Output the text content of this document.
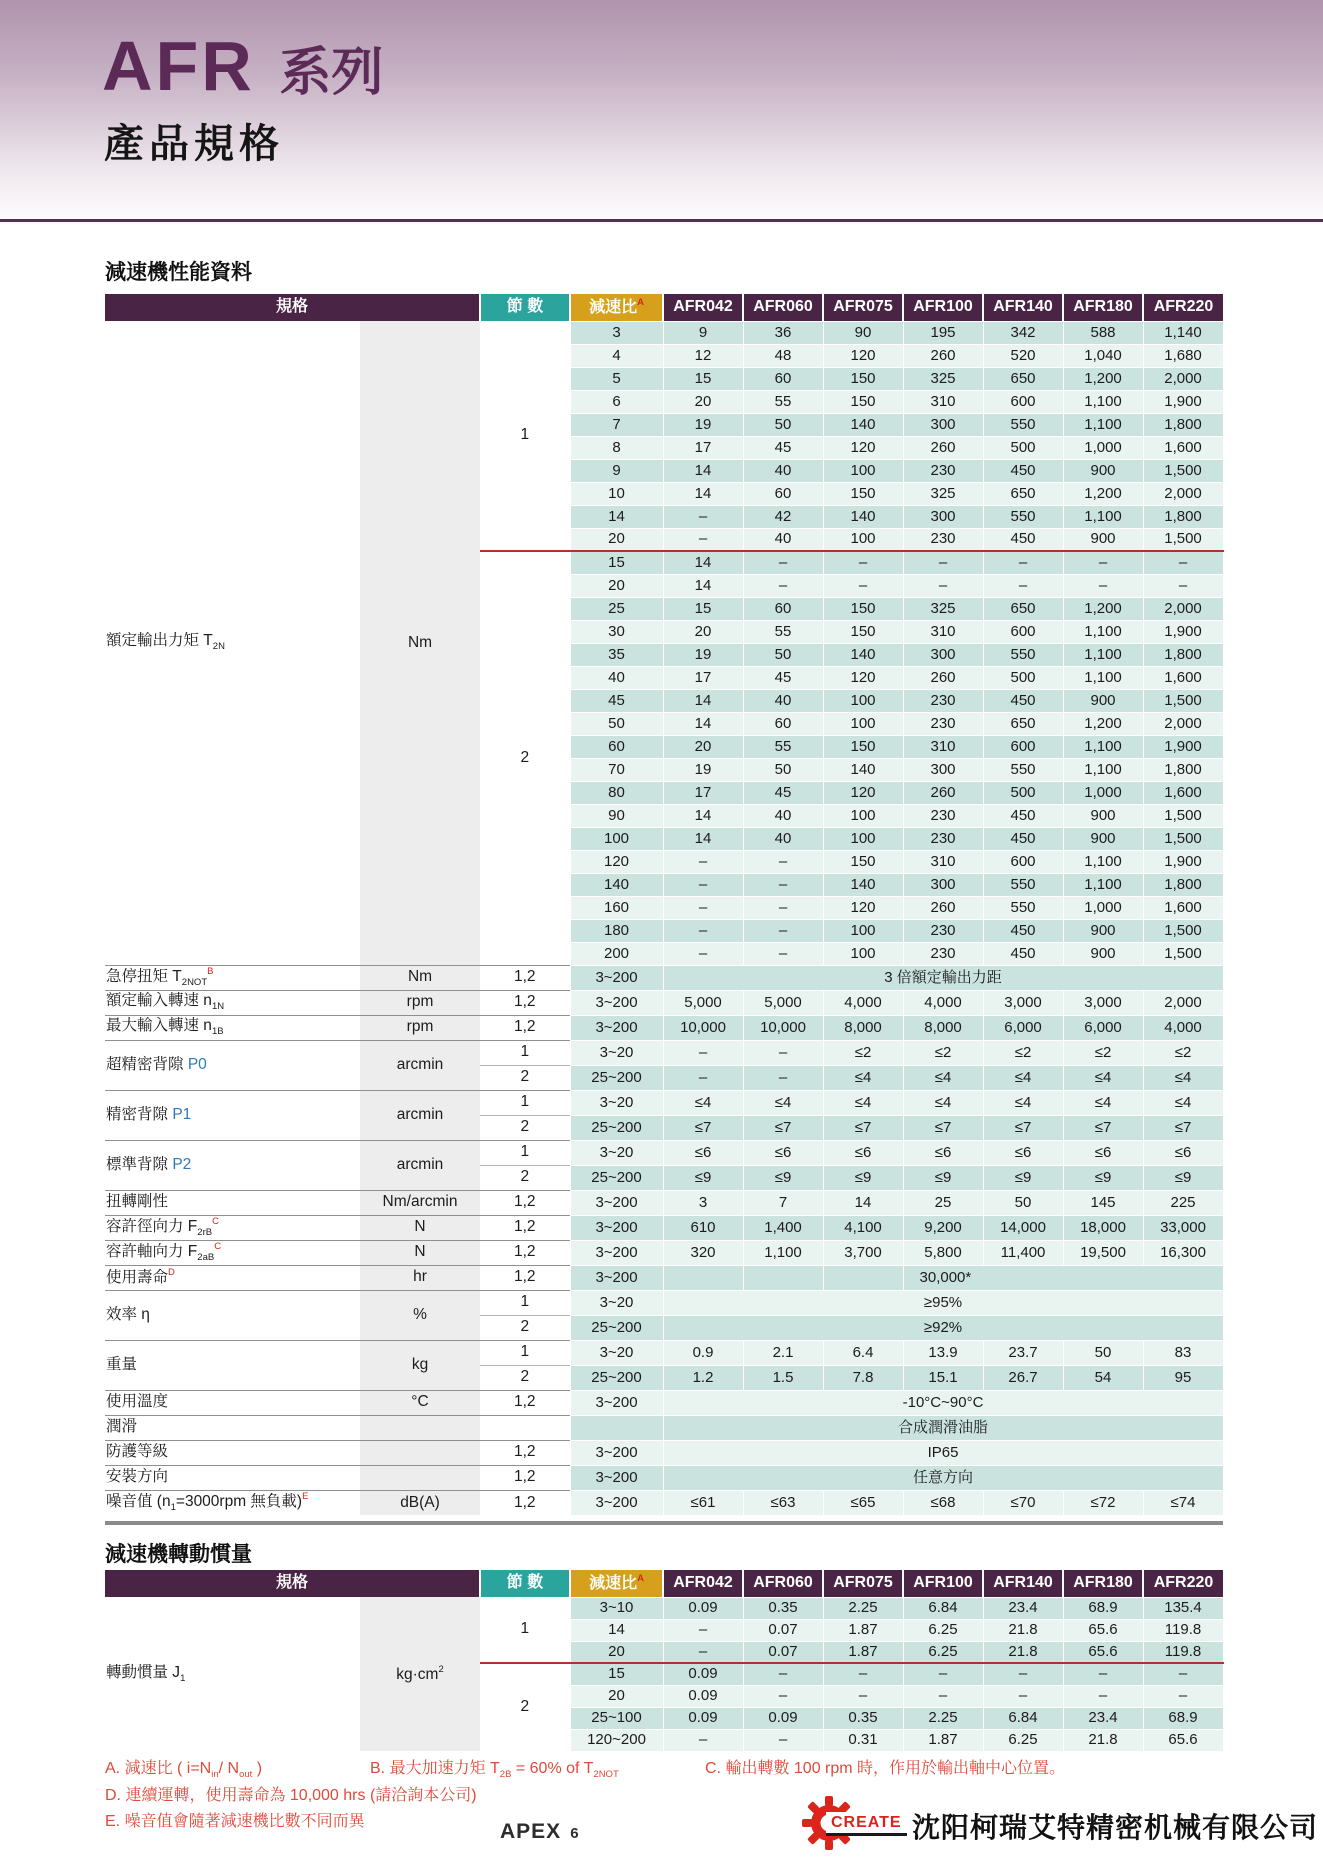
AFR 系列
產品規格
減速機性能資料
規格		節 數	減速比$^A$	AFR042	AFR060	AFR075	AFR100	AFR140	AFR180	AFR220
額定輸出力矩 $T_{2N}$	Nm	1	3	9	36	90	195	342	588	1,140
			4	12	48	120	260	520	1,040	1,680
			5	15	60	150	325	650	1,200	2,000
			6	20	55	150	310	600	1,100	1,900
			7	19	50	140	300	550	1,100	1,800
			8	17	45	120	260	500	1,000	1,600
			9	14	40	100	230	450	900	1,500
			10	14	60	150	325	650	1,200	2,000
			14	–	42	140	300	550	1,100	1,800
			20	–	40	100	230	450	900	1,500
		2	15	14	–	–	–	–	–	–
			20	14	–	–	–	–	–	–
			25	15	60	150	325	650	1,200	2,000
			30	20	55	150	310	600	1,100	1,900
			35	19	50	140	300	550	1,100	1,800
			40	17	45	120	260	500	1,100	1,600
			45	14	40	100	230	450	900	1,500
			50	14	60	100	230	650	1,200	2,000
			60	20	55	150	310	600	1,100	1,900
			70	19	50	140	300	550	1,100	1,800
			80	17	45	120	260	500	1,000	1,600
			90	14	40	100	230	450	900	1,500
			100	14	40	100	230	450	900	1,500
			120	–	–	150	310	600	1,100	1,900
			140	–	–	140	300	550	1,100	1,800
			160	–	–	120	260	550	1,000	1,600
			180	–	–	100	230	450	900	1,500
			200	–	–	100	230	450	900	1,500
急停扭矩 $T_{2NOT}^B$	Nm	1,2	3~200	3 倍額定輸出力距						
額定輸入轉速 $n_{1N}$	rpm	1,2	3~200	5,000	5,000	4,000	4,000	3,000	3,000	2,000
最大輸入轉速 $n_{1B}$	rpm	1,2	3~200	10,000	10,000	8,000	8,000	6,000	6,000	4,000
超精密背隙 P0	arcmin	1	3~20	–	–	≤2	≤2	≤2	≤2	≤2
		2	25~200	–	–	≤4	≤4	≤4	≤4	≤4
精密背隙 P1	arcmin	1	3~20	≤4	≤4	≤4	≤4	≤4	≤4	≤4
		2	25~200	≤7	≤7	≤7	≤7	≤7	≤7	≤7
標準背隙 P2	arcmin	1	3~20	≤6	≤6	≤6	≤6	≤6	≤6	≤6
		2	25~200	≤9	≤9	≤9	≤9	≤9	≤9	≤9
扭轉剛性	Nm/arcmin	1,2	3~200	3	7	14	25	50	145	225
容許徑向力 $F_{2rB}^C$	N	1,2	3~200	610	1,400	4,100	9,200	14,000	18,000	33,000
容許軸向力 $F_{2aB}^C$	N	1,2	3~200	320	1,100	3,700	5,800	11,400	19,500	16,300
使用壽命$^D$	hr	1,2	3~200				30,000*			
效率 η	%	1	3~20	≥95%						
		2	25~200	≥92%						
重量	kg	1	3~20	0.9	2.1	6.4	13.9	23.7	50	83
		2	25~200	1.2	1.5	7.8	15.1	26.7	54	95
使用溫度	°C	1,2	3~200	-10°C~90°C						
潤滑				合成潤滑油脂						
防護等級		1,2	3~200	IP65						
安裝方向		1,2	3~200	任意方向						
噪音值 ($n_1=3000rpm$ 無負載)$^E$	dB(A)	1,2	3~200	≤61	≤63	≤65	≤68	≤70	≤72	≤74
減速機轉動慣量
規格		節 數	減速比$^A$	AFR042	AFR060	AFR075	AFR100	AFR140	AFR180	AFR220
轉動慣量 $J_1$	$kg\cdot cm^2$	1	3~10	0.09	0.35	2.25	6.84	23.4	68.9	135.4
			14	–	0.07	1.87	6.25	21.8	65.6	119.8
			20	–	0.07	1.87	6.25	21.8	65.6	119.8
		2	15	0.09	–	–	–	–	–	–
			20	0.09	–	–	–	–	–	–
			25~100	0.09	0.09	0.35	2.25	6.84	23.4	68.9
			120~200	–	–	0.31	1.87	6.25	21.8	65.6
A. 減速比 ( $i=N_{in}/$ $N_{out}$ )	B. 最大加速力矩 $T_{2B} = 60\%$ of $T_{2NOT}$	C. 輸出轉數 100 rpm 時，作用於輸出軸中心位置。
D. 連續運轉，使用壽命為 10,000 hrs (請洽詢本公司)
E. 噪音值會隨著減速機比數不同而異	APEX 6
CREATE 沈阳柯瑞艾特精密机械有限公司
